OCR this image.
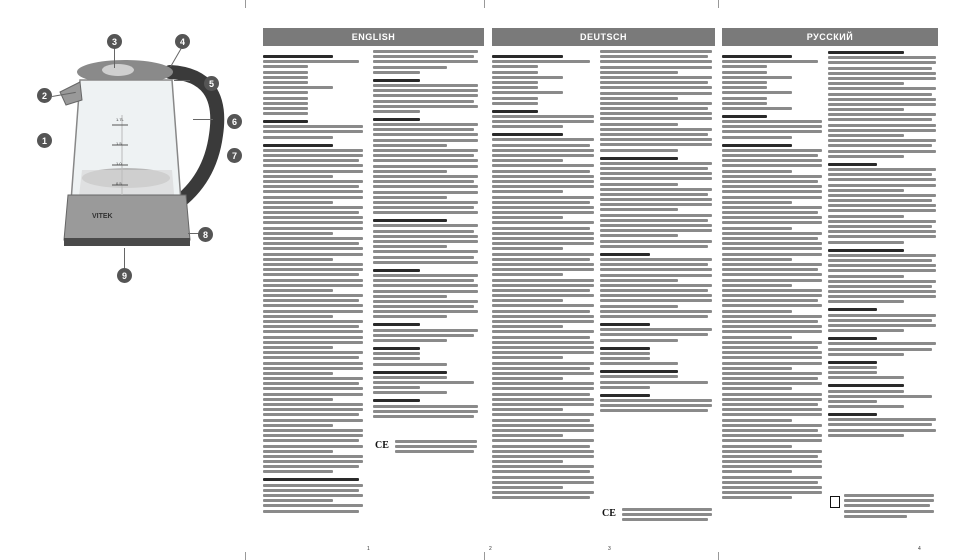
1.7L
1.5
1.0
0.5
VITEK
1
2
3	4
5
6
7
8
9
ENGLISH
CE
1
DEUTSCH
CE
2	3
РУССКИЙ
4
